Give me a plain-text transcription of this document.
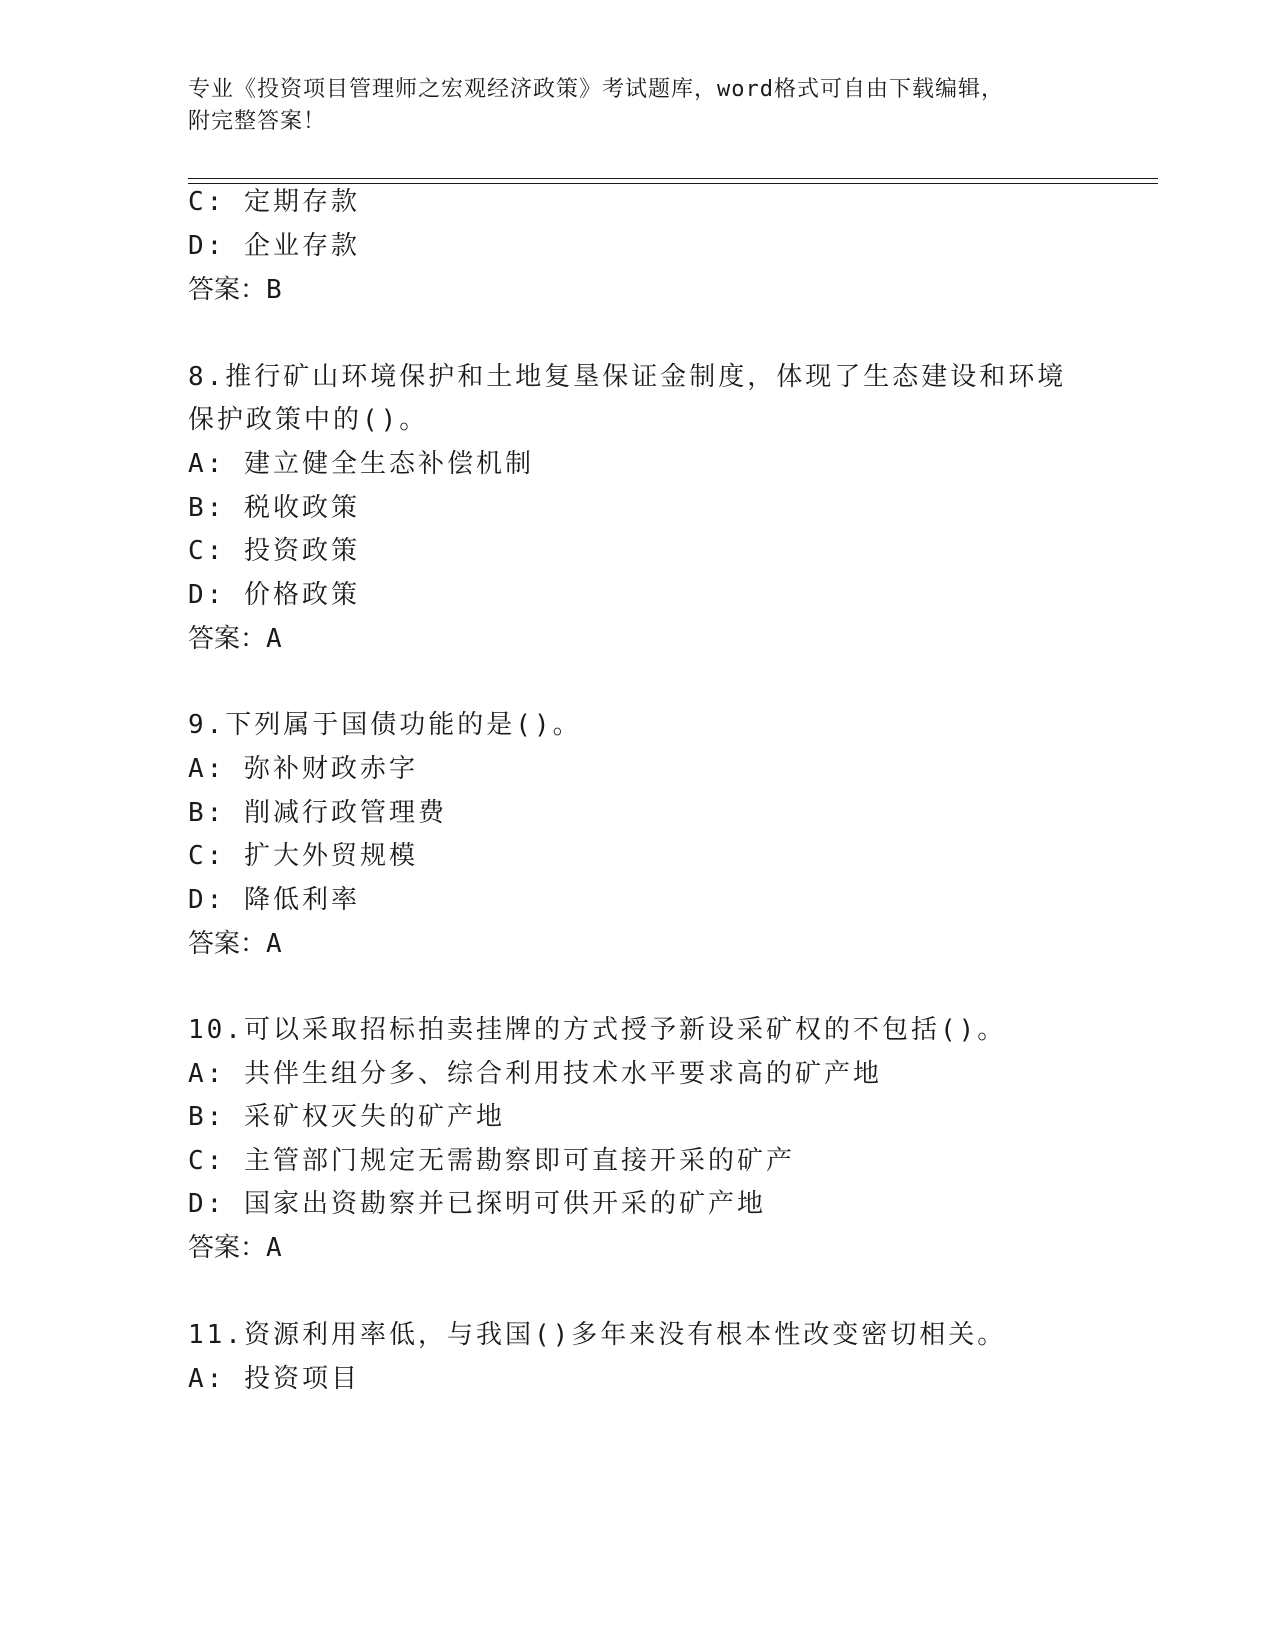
专业《投资项目管理师之宏观经济政策》考试题库，word格式可自由下载编辑，
附完整答案！
C: 定期存款
D: 企业存款
答案：B
8.推行矿山环境保护和土地复垦保证金制度，体现了生态建设和环境
保护政策中的()。
A: 建立健全生态补偿机制
B: 税收政策
C: 投资政策
D: 价格政策
答案：A
9.下列属于国债功能的是()。
A: 弥补财政赤字
B: 削减行政管理费
C: 扩大外贸规模
D: 降低利率
答案：A
10.可以采取招标拍卖挂牌的方式授予新设采矿权的不包括()。
A: 共伴生组分多、综合利用技术水平要求高的矿产地
B: 采矿权灭失的矿产地
C: 主管部门规定无需勘察即可直接开采的矿产
D: 国家出资勘察并已探明可供开采的矿产地
答案：A
11.资源利用率低，与我国()多年来没有根本性改变密切相关。
A: 投资项目
